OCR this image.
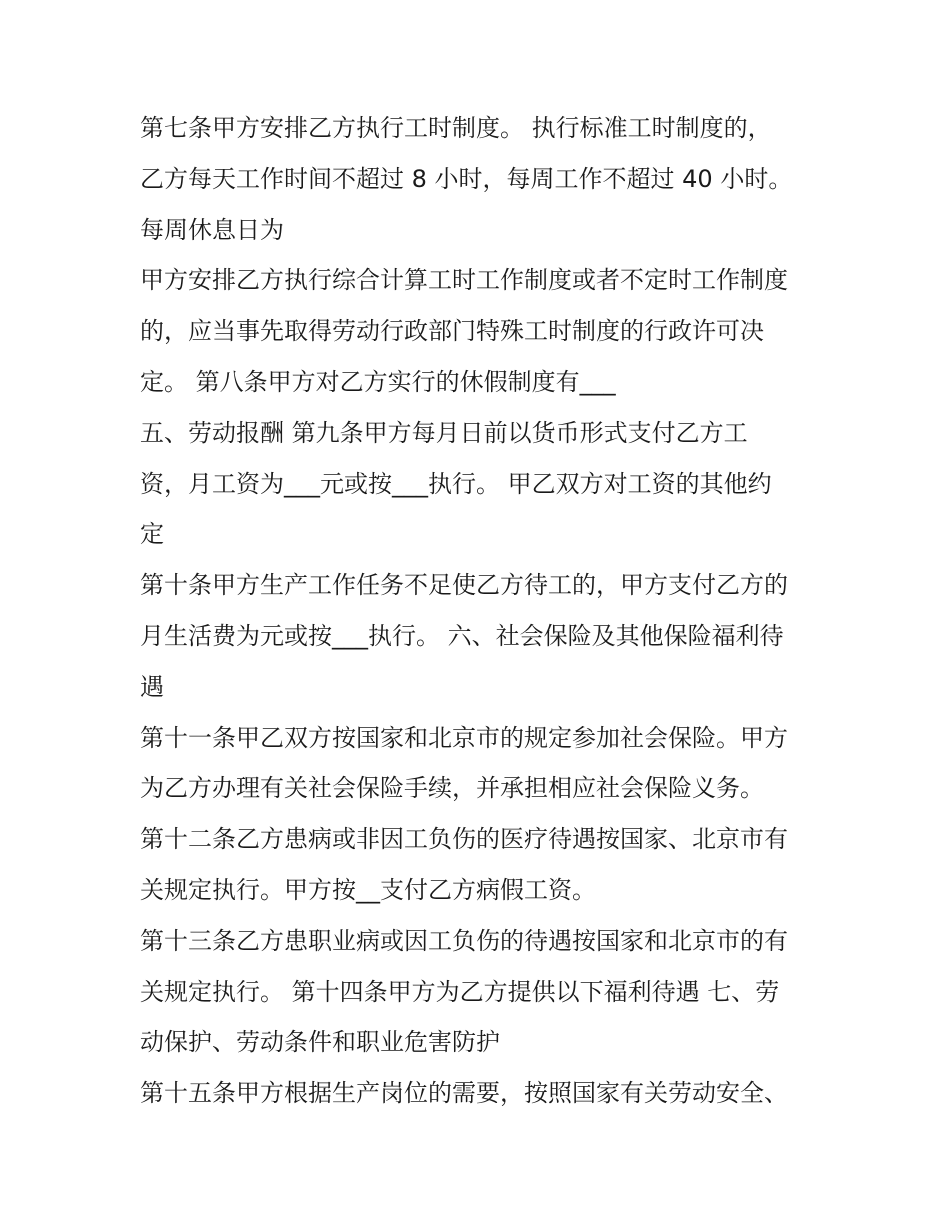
第七条甲方安排乙方执行工时制度。 执行标准工时制度的，
乙方每天工作时间不超过 8 小时，每周工作不超过 40 小时。
每周休息日为
甲方安排乙方执行综合计算工时工作制度或者不定时工作制度
的，应当事先取得劳动行政部门特殊工时制度的行政许可决
定。 第八条甲方对乙方实行的休假制度有___
五、劳动报酬 第九条甲方每月日前以货币形式支付乙方工
资，月工资为___元或按___执行。 甲乙双方对工资的其他约
定
第十条甲方生产工作任务不足使乙方待工的，甲方支付乙方的
月生活费为元或按___执行。 六、社会保险及其他保险福利待
遇
第十一条甲乙双方按国家和北京市的规定参加社会保险。甲方
为乙方办理有关社会保险手续，并承担相应社会保险义务。
第十二条乙方患病或非因工负伤的医疗待遇按国家、北京市有
关规定执行。甲方按__支付乙方病假工资。
第十三条乙方患职业病或因工负伤的待遇按国家和北京市的有
关规定执行。 第十四条甲方为乙方提供以下福利待遇 七、劳
动保护、劳动条件和职业危害防护
第十五条甲方根据生产岗位的需要，按照国家有关劳动安全、
